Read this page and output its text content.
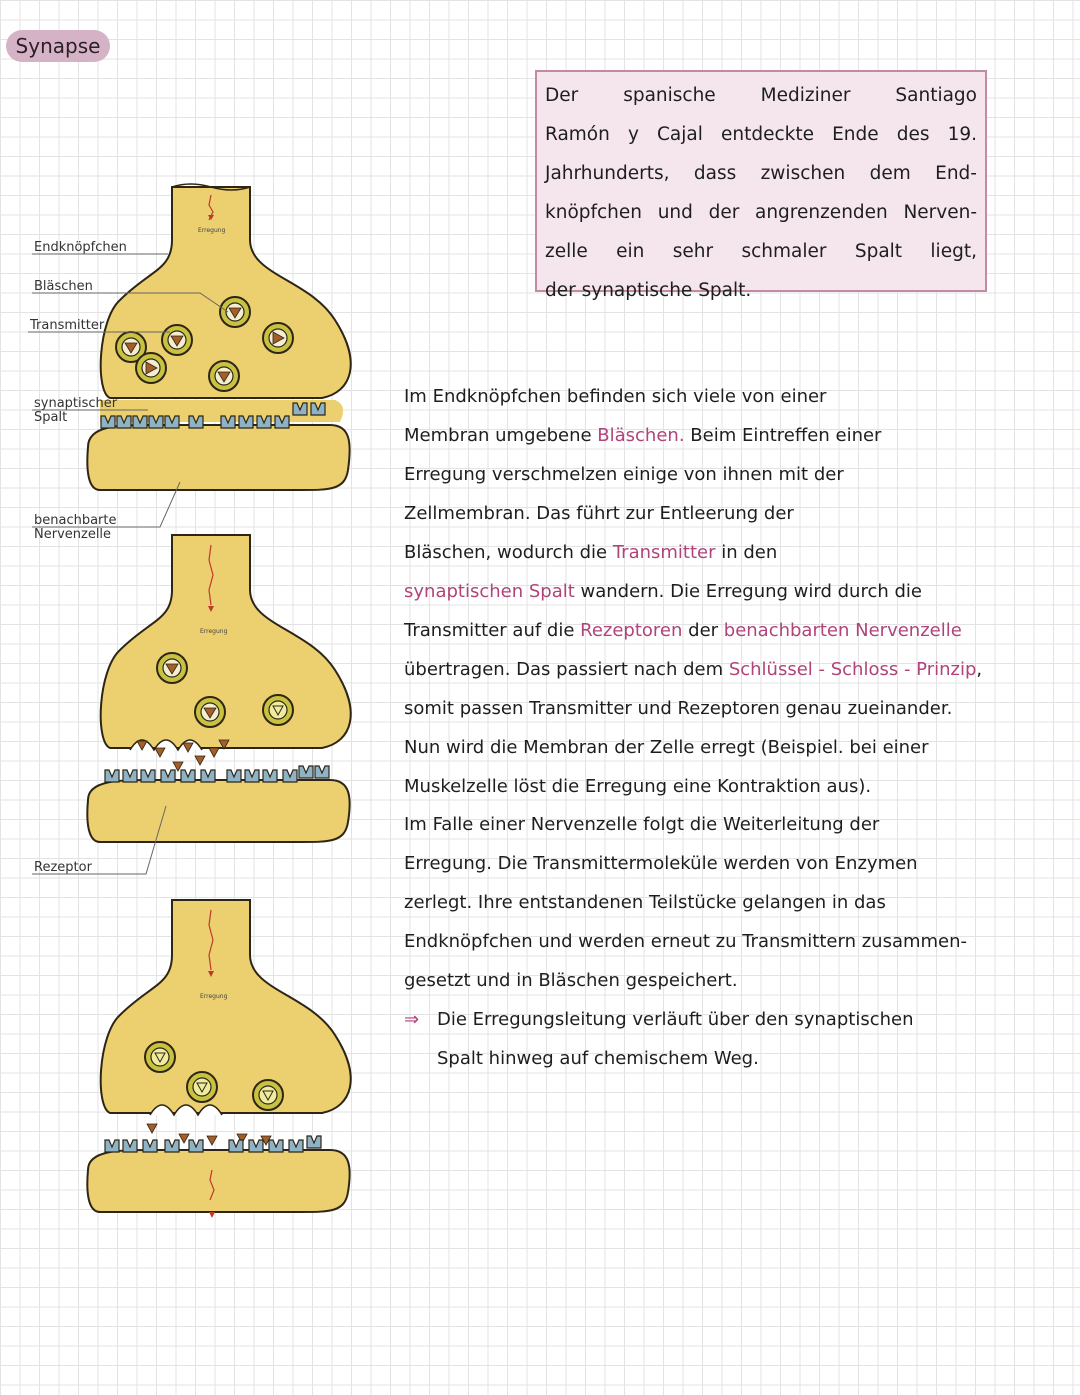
Synapse
Der spanische Mediziner Santiago
Ramón y Cajal entdeckte Ende des 19.
Jahrhunderts, dass zwischen dem End-
knöpfchen und der angrenzenden Nerven-
zelle ein sehr schmaler Spalt liegt,
der synaptische Spalt.
Im Endknöpfchen befinden sich viele von einer
Membran umgebene Bläschen. Beim Eintreffen einer
Erregung verschmelzen einige von ihnen mit der
Zellmembran. Das führt zur Entleerung der
Bläschen, wodurch die Transmitter in den
synaptischen Spalt wandern. Die Erregung wird durch die
Transmitter auf die Rezeptoren der benachbarten Nervenzelle
übertragen. Das passiert nach dem Schlüssel - Schloss - Prinzip,
somit passen Transmitter und Rezeptoren genau zueinander.
Nun wird die Membran der Zelle erregt (Beispiel. bei einer
Muskelzelle löst die Erregung eine Kontraktion aus).
Im Falle einer Nervenzelle folgt die Weiterleitung der
Erregung. Die Transmittermoleküle werden von Enzymen
zerlegt. Ihre entstandenen Teilstücke gelangen in das
Endknöpfchen und werden erneut zu Transmittern zusammen-
gesetzt und in Bläschen gespeichert.
⇒ Die Erregungsleitung verläuft über den synaptischen
Spalt hinweg auf chemischem Weg.
Erregung
Erregung
Erregung
Endknöpfchen
Bläschen
Transmitter
synaptischer
Spalt
benachbarte
Nervenzelle
Rezeptor
